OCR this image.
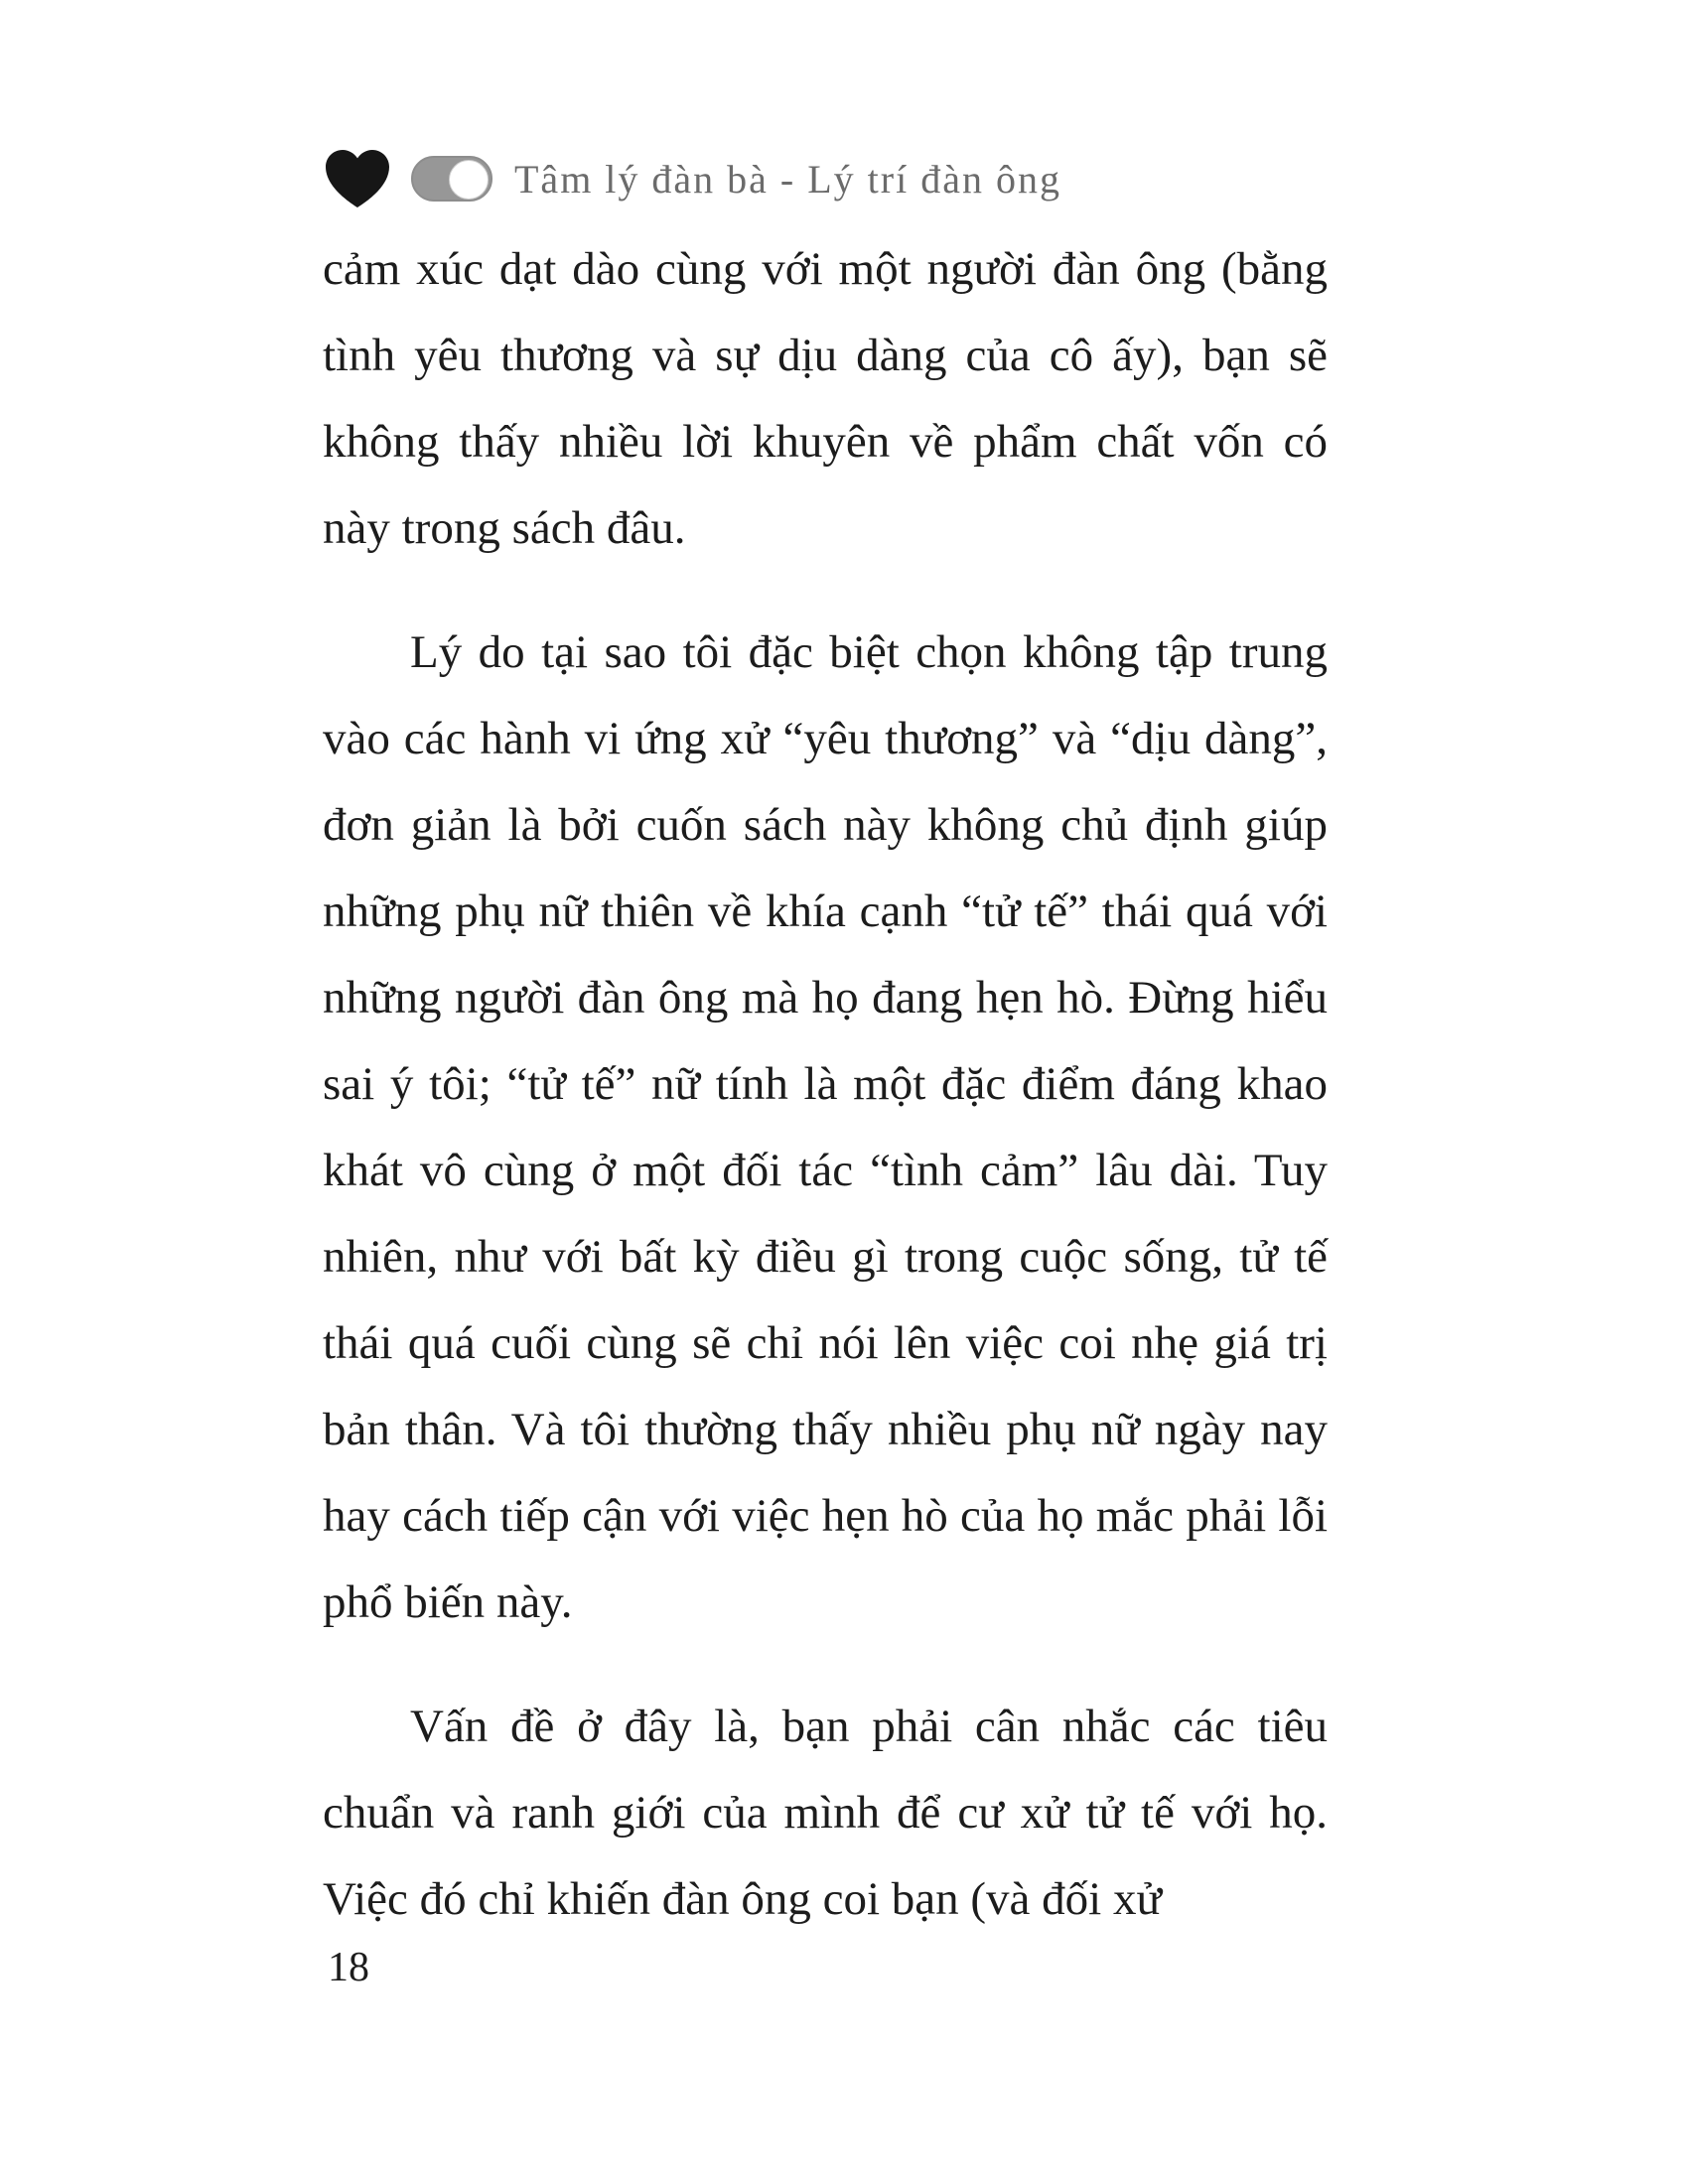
Tâm lý đàn bà - Lý trí đàn ông

cảm xúc dạt dào cùng với một người đàn ông (bằng tình yêu thương và sự dịu dàng của cô ấy), bạn sẽ không thấy nhiều lời khuyên về phẩm chất vốn có này trong sách đâu.

Lý do tại sao tôi đặc biệt chọn không tập trung vào các hành vi ứng xử “yêu thương” và “dịu dàng”, đơn giản là bởi cuốn sách này không chủ định giúp những phụ nữ thiên về khía cạnh “tử tế” thái quá với những người đàn ông mà họ đang hẹn hò. Đừng hiểu sai ý tôi; “tử tế” nữ tính là một đặc điểm đáng khao khát vô cùng ở một đối tác “tình cảm” lâu dài. Tuy nhiên, như với bất kỳ điều gì trong cuộc sống, tử tế thái quá cuối cùng sẽ chỉ nói lên việc coi nhẹ giá trị bản thân. Và tôi thường thấy nhiều phụ nữ ngày nay hay cách tiếp cận với việc hẹn hò của họ mắc phải lỗi phổ biến này.

Vấn đề ở đây là, bạn phải cân nhắc các tiêu chuẩn và ranh giới của mình để cư xử tử tế với họ. Việc đó chỉ khiến đàn ông coi bạn (và đối xử

18
